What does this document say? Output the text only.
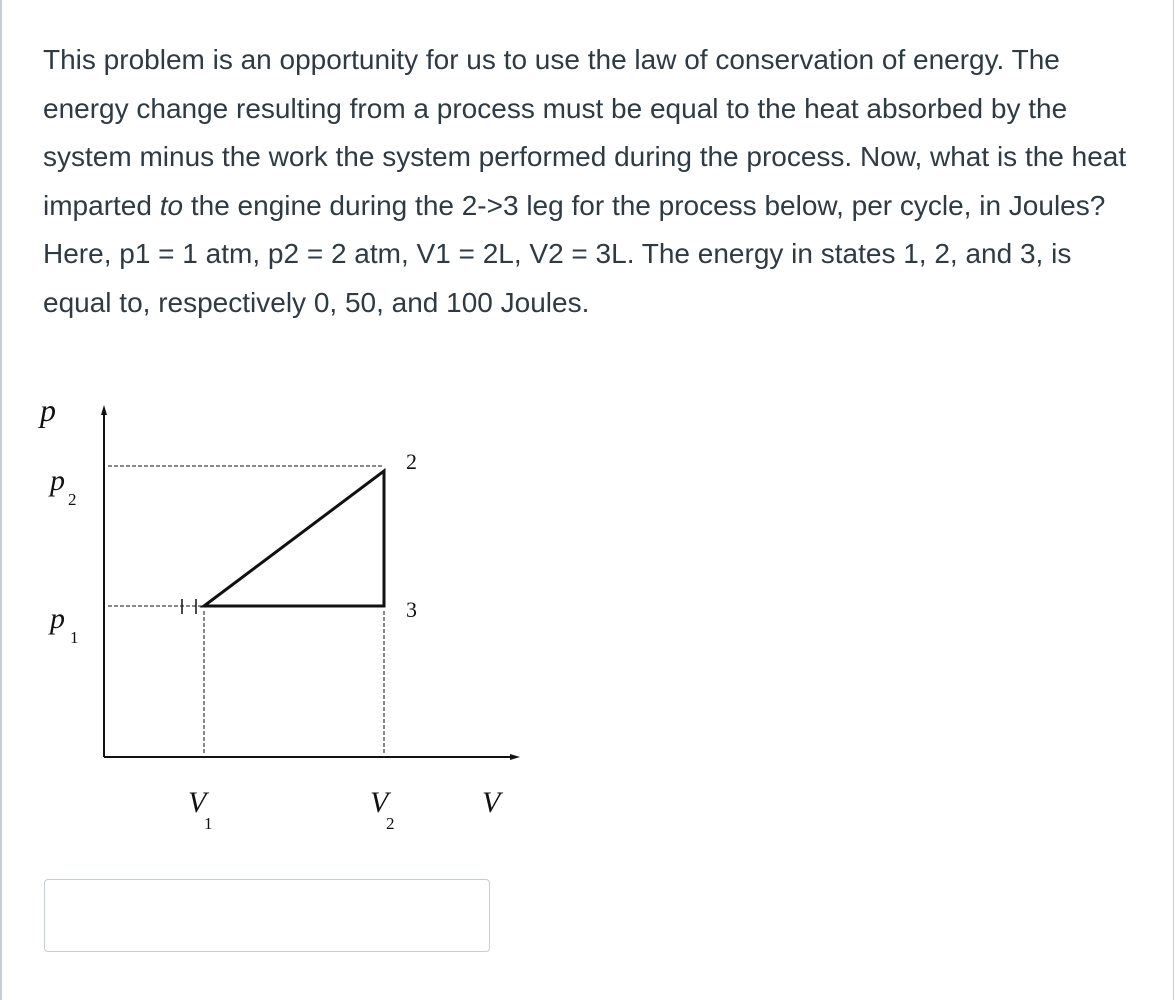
This problem is an opportunity for us to use the law of conservation of energy. The energy change resulting from a process must be equal to the heat absorbed by the system minus the work the system performed during the process. Now, what is the heat imparted to the engine during the 2->3 leg for the process below, per cycle, in Joules? Here, p1 = 1 atm, p2 = 2 atm, V1 = 2L, V2 = 3L. The energy in states 1, 2, and 3, is equal to, respectively 0, 50, and 100 Joules.

p
p
2
p
1
2
3
V
1
V
2
V
